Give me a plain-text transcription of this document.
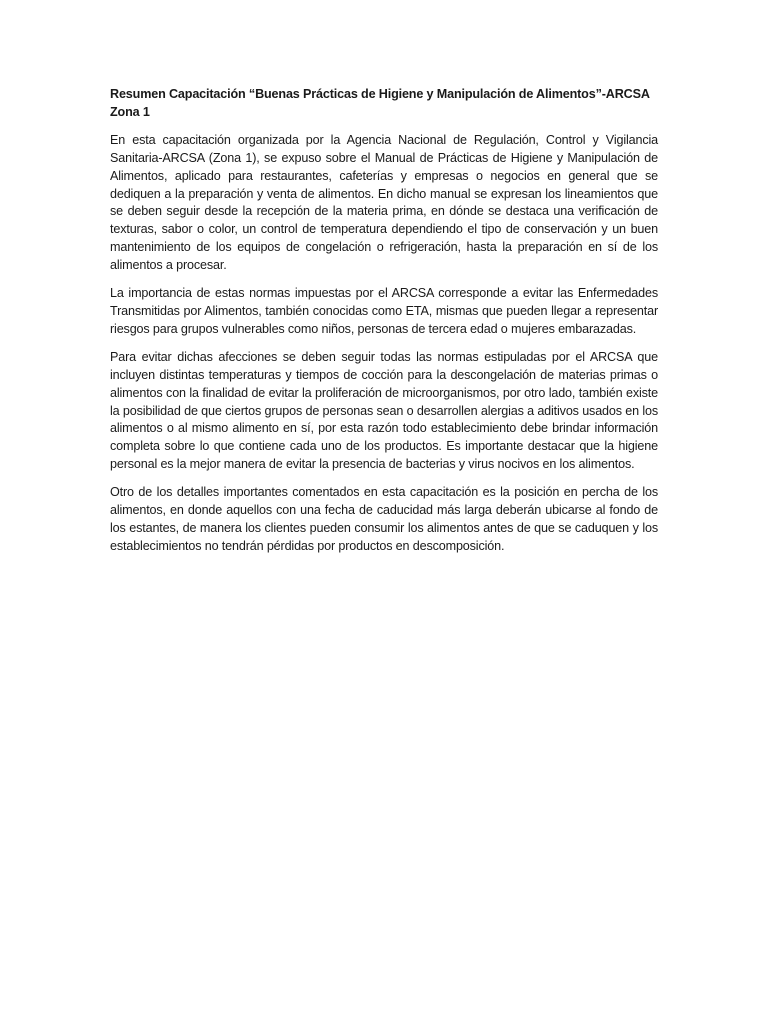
Resumen Capacitación “Buenas Prácticas de Higiene y Manipulación de Alimentos”-ARCSA Zona 1

En esta capacitación organizada por la Agencia Nacional de Regulación, Control y Vigilancia Sanitaria-ARCSA (Zona 1), se expuso sobre el Manual de Prácticas de Higiene y Manipulación de Alimentos, aplicado para restaurantes, cafeterías y empresas o negocios en general que se dediquen a la preparación y venta de alimentos. En dicho manual se expresan los lineamientos que se deben seguir desde la recepción de la materia prima, en dónde se destaca una verificación de texturas, sabor o color, un control de temperatura dependiendo el tipo de conservación y un buen mantenimiento de los equipos de congelación o refrigeración, hasta la preparación en sí de los alimentos a procesar.

La importancia de estas normas impuestas por el ARCSA corresponde a evitar las Enfermedades Transmitidas por Alimentos, también conocidas como ETA, mismas que pueden llegar a representar riesgos para grupos vulnerables como niños, personas de tercera edad o mujeres embarazadas.

Para evitar dichas afecciones se deben seguir todas las normas estipuladas por el ARCSA que incluyen distintas temperaturas y tiempos de cocción para la descongelación de materias primas o alimentos con la finalidad de evitar la proliferación de microorganismos, por otro lado, también existe la posibilidad de que ciertos grupos de personas sean o desarrollen alergias a aditivos usados en los alimentos o al mismo alimento en sí, por esta razón todo establecimiento debe brindar información completa sobre lo que contiene cada uno de los productos. Es importante destacar que la higiene personal es la mejor manera de evitar la presencia de bacterias y virus nocivos en los alimentos.

Otro de los detalles importantes comentados en esta capacitación es la posición en percha de los alimentos, en donde aquellos con una fecha de caducidad más larga deberán ubicarse al fondo de los estantes, de manera los clientes pueden consumir los alimentos antes de que se caduquen y los establecimientos no tendrán pérdidas por productos en descomposición.
